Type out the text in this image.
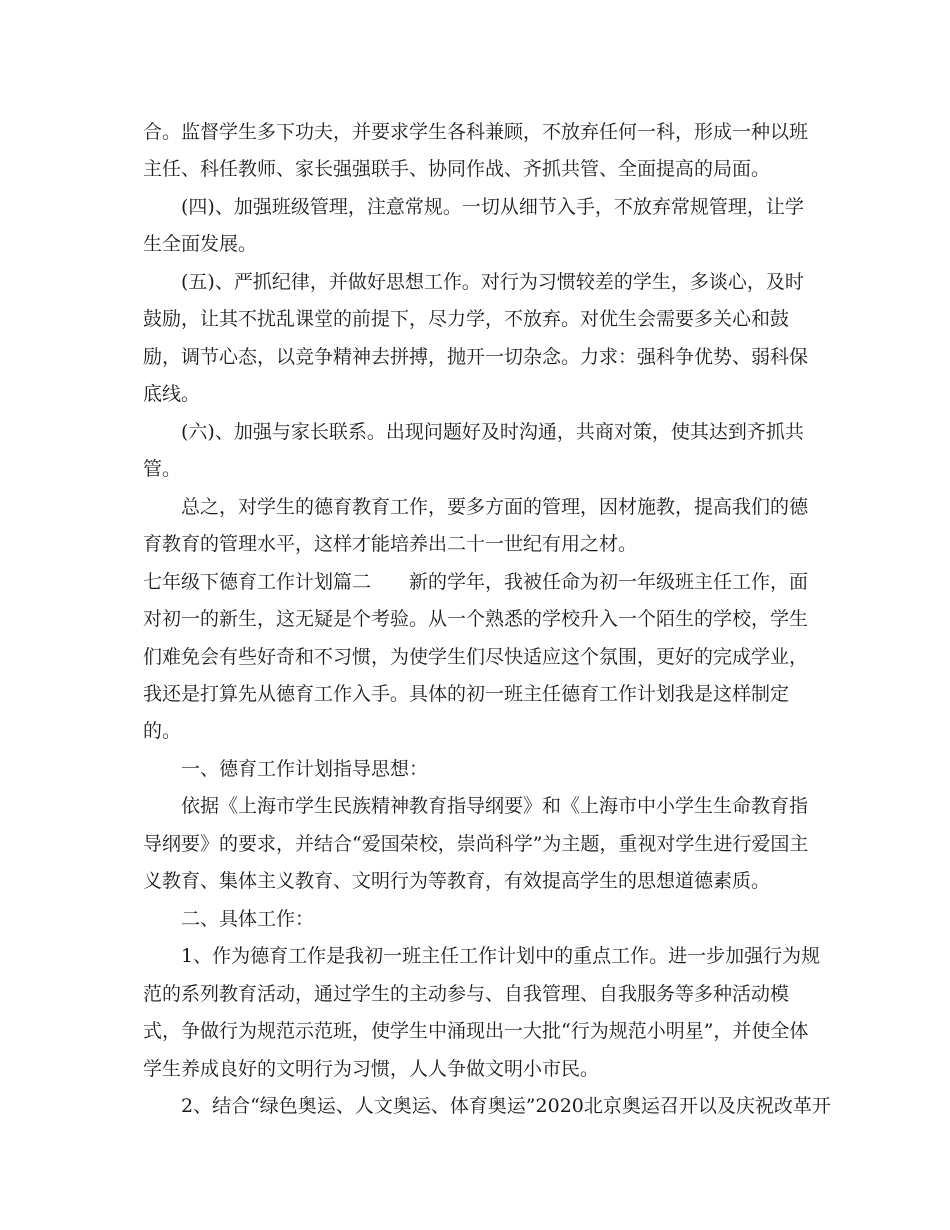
合。监督学生多下功夫，并要求学生各科兼顾，不放弃任何一科，形成一种以班
主任、科任教师、家长强强联手、协同作战、齐抓共管、全面提高的局面。
(四)、加强班级管理，注意常规。一切从细节入手，不放弃常规管理，让学
生全面发展。
(五)、严抓纪律，并做好思想工作。对行为习惯较差的学生，多谈心，及时
鼓励，让其不扰乱课堂的前提下，尽力学，不放弃。对优生会需要多关心和鼓
励，调节心态，以竞争精神去拼搏，抛开一切杂念。力求：强科争优势、弱科保
底线。
(六)、加强与家长联系。出现问题好及时沟通，共商对策，使其达到齐抓共
管。
总之，对学生的德育教育工作，要多方面的管理，因材施教，提高我们的德
育教育的管理水平，这样才能培养出二十一世纪有用之材。
七年级下德育工作计划篇二　　新的学年，我被任命为初一年级班主任工作，面
对初一的新生，这无疑是个考验。从一个熟悉的学校升入一个陌生的学校，学生
们难免会有些好奇和不习惯，为使学生们尽快适应这个氛围，更好的完成学业，
我还是打算先从德育工作入手。具体的初一班主任德育工作计划我是这样制定
的。
一、德育工作计划指导思想：
依据《上海市学生民族精神教育指导纲要》和《上海市中小学生生命教育指
导纲要》的要求，并结合“爱国荣校，崇尚科学”为主题，重视对学生进行爱国主
义教育、集体主义教育、文明行为等教育，有效提高学生的思想道德素质。
二、具体工作：
1、作为德育工作是我初一班主任工作计划中的重点工作。进一步加强行为规
范的系列教育活动，通过学生的主动参与、自我管理、自我服务等多种活动模
式，争做行为规范示范班，使学生中涌现出一大批“行为规范小明星”，并使全体
学生养成良好的文明行为习惯，人人争做文明小市民。
2、结合“绿色奥运、人文奥运、体育奥运”2020北京奥运召开以及庆祝改革开
